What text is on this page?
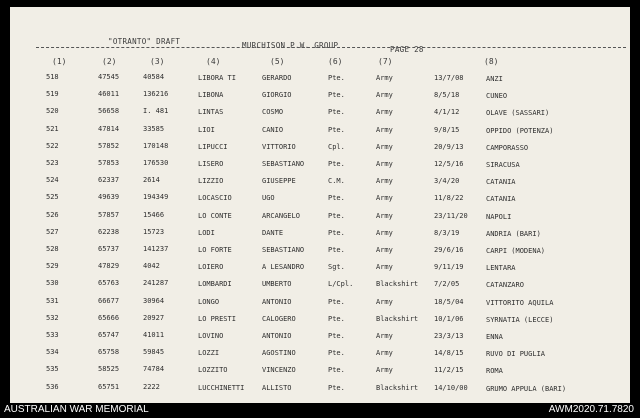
"OTRANTO" DRAFT	MURCHISON P.W. GROUP	PAGE 28
(1)	(2)	(3)	(4)	(5)	(6)	(7)	(8)
518	47545	40584	LIBORA TI	GERARDO	Pte.	Army	13/7/08	ANZI
519	46011	136216	LIBONA	GIORGIO	Pte.	Army	8/5/18	CUNEO
520	56658	I. 481	LINTAS	COSMO	Pte.	Army	4/1/12	OLAVE (SASSARI)
521	47814	33585	LIOI	CANIO	Pte.	Army	9/8/15	OPPIDO (POTENZA)
522	57852	170148	LIPUCCI	VITTORIO	Cpl.	Army	20/9/13	CAMPORASSO
523	57853	176530	LISERO	SEBASTIANO	Pte.	Army	12/5/16	SIRACUSA
524	62337	2614	LIZZIO	GIUSEPPE	C.M.	Army	3/4/20	CATANIA
525	49639	194349	LOCASCIO	UGO	Pte.	Army	11/8/22	CATANIA
526	57857	15466	LO CONTE	ARCANGELO	Pte.	Army	23/11/20	NAPOLI
527	62238	15723	LODI	DANTE	Pte.	Army	8/3/19	ANDRIA (BARI)
528	65737	141237	LO FORTE	SEBASTIANO	Pte.	Army	29/6/16	CARPI (MODENA)
529	47829	4042	LOIERO	A LESANDRO	Sgt.	Army	9/11/19	LENTARA
530	65763	241287	LOMBARDI	UMBERTO	L/Cpl.	Blackshirt 7/2/05	CATANZARO
531	66677	30964	LONGO	ANTONIO	Pte.	Army	18/5/04	VITTORITO AQUILA
532	65666	20927	LO PRESTI	CALOGERO	Pte.	Blackshirt 10/1/06	SYRNATIA (LECCE)
533	65747	41011	LOVINO	ANTONIO	Pte.	Army	23/3/13	ENNA
534	65758	59845	LOZZI	AGOSTINO	Pte.	Army	14/8/15	RUVO DI PUGLIA
535	58525	74784	LOZZITO	VINCENZO	Pte.	Army	11/2/15	ROMA
536	65751	2222	LUCCHINETTI	ALLISTO	Pte.	Blackshirt 14/10/00	GRUMO APPULA (BARI)
AUSTRALIAN WAR MEMORIAL	AWM2020.71.7820
